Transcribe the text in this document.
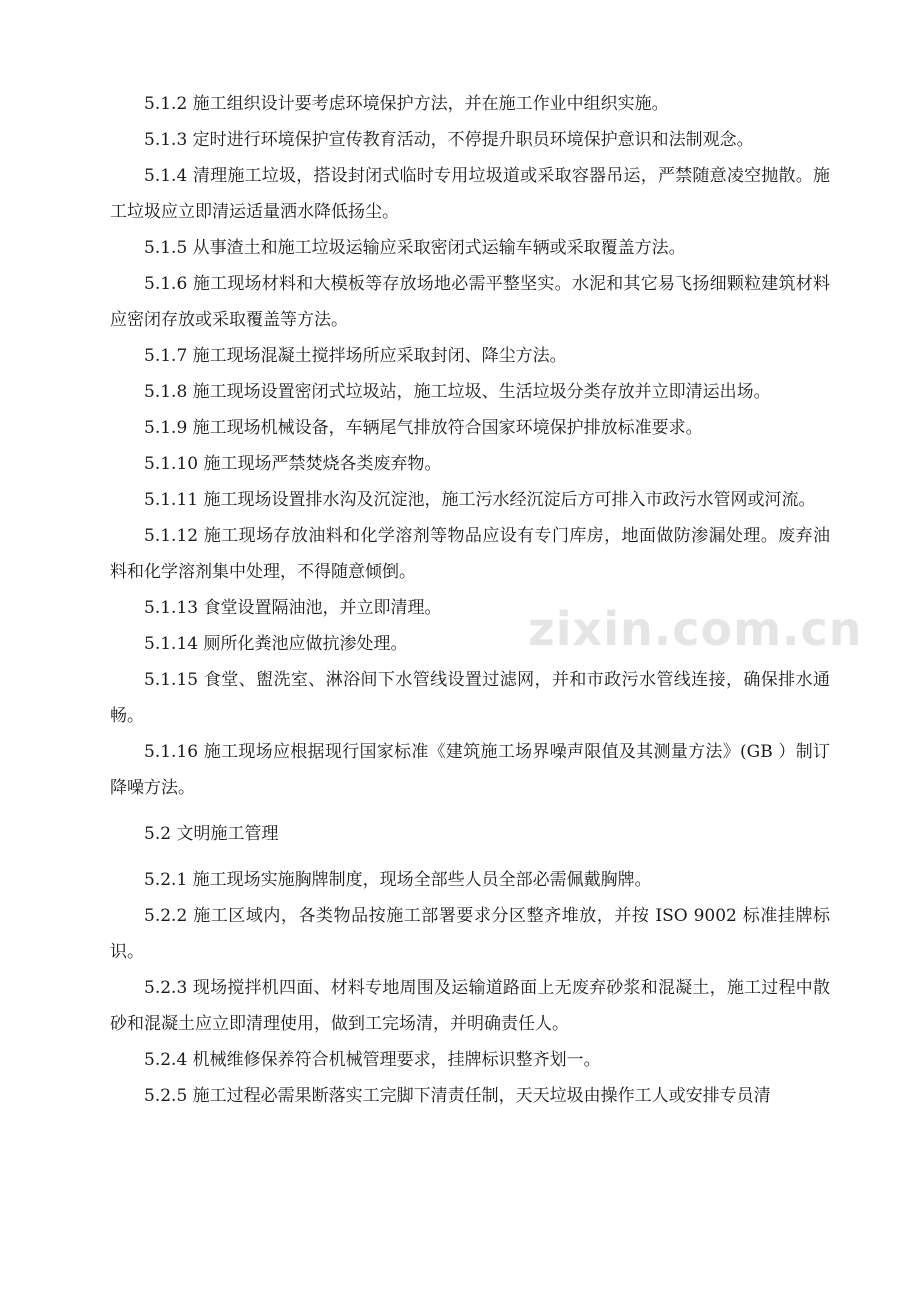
5.1.2 施工组织设计要考虑环境保护方法，并在施工作业中组织实施。

5.1.3 定时进行环境保护宣传教育活动，不停提升职员环境保护意识和法制观念。

5.1.4 清理施工垃圾，搭设封闭式临时专用垃圾道或采取容器吊运，严禁随意凌空抛散。施工垃圾应立即清运适量洒水降低扬尘。

5.1.5 从事渣土和施工垃圾运输应采取密闭式运输车辆或采取覆盖方法。

5.1.6 施工现场材料和大模板等存放场地必需平整坚实。水泥和其它易飞扬细颗粒建筑材料应密闭存放或采取覆盖等方法。

5.1.7 施工现场混凝土搅拌场所应采取封闭、降尘方法。

5.1.8 施工现场设置密闭式垃圾站，施工垃圾、生活垃圾分类存放并立即清运出场。

5.1.9 施工现场机械设备，车辆尾气排放符合国家环境保护排放标准要求。

5.1.10 施工现场严禁焚烧各类废弃物。

5.1.11 施工现场设置排水沟及沉淀池，施工污水经沉淀后方可排入市政污水管网或河流。

5.1.12 施工现场存放油料和化学溶剂等物品应设有专门库房，地面做防渗漏处理。废弃油料和化学溶剂集中处理，不得随意倾倒。

5.1.13 食堂设置隔油池，并立即清理。

5.1.14 厕所化粪池应做抗渗处理。

5.1.15 食堂、盥洗室、淋浴间下水管线设置过滤网，并和市政污水管线连接，确保排水通畅。

5.1.16 施工现场应根据现行国家标准《建筑施工场界噪声限值及其测量方法》(GB ）制订降噪方法。

5.2 文明施工管理

5.2.1 施工现场实施胸牌制度，现场全部些人员全部必需佩戴胸牌。

5.2.2 施工区域内，各类物品按施工部署要求分区整齐堆放，并按 ISO 9002 标准挂牌标识。

5.2.3 现场搅拌机四面、材料专地周围及运输道路面上无废弃砂浆和混凝土，施工过程中散砂和混凝土应立即清理使用，做到工完场清，并明确责任人。

5.2.4 机械维修保养符合机械管理要求，挂牌标识整齐划一。

5.2.5 施工过程必需果断落实工完脚下清责任制，天天垃圾由操作工人或安排专员清

zixin.com.cn
